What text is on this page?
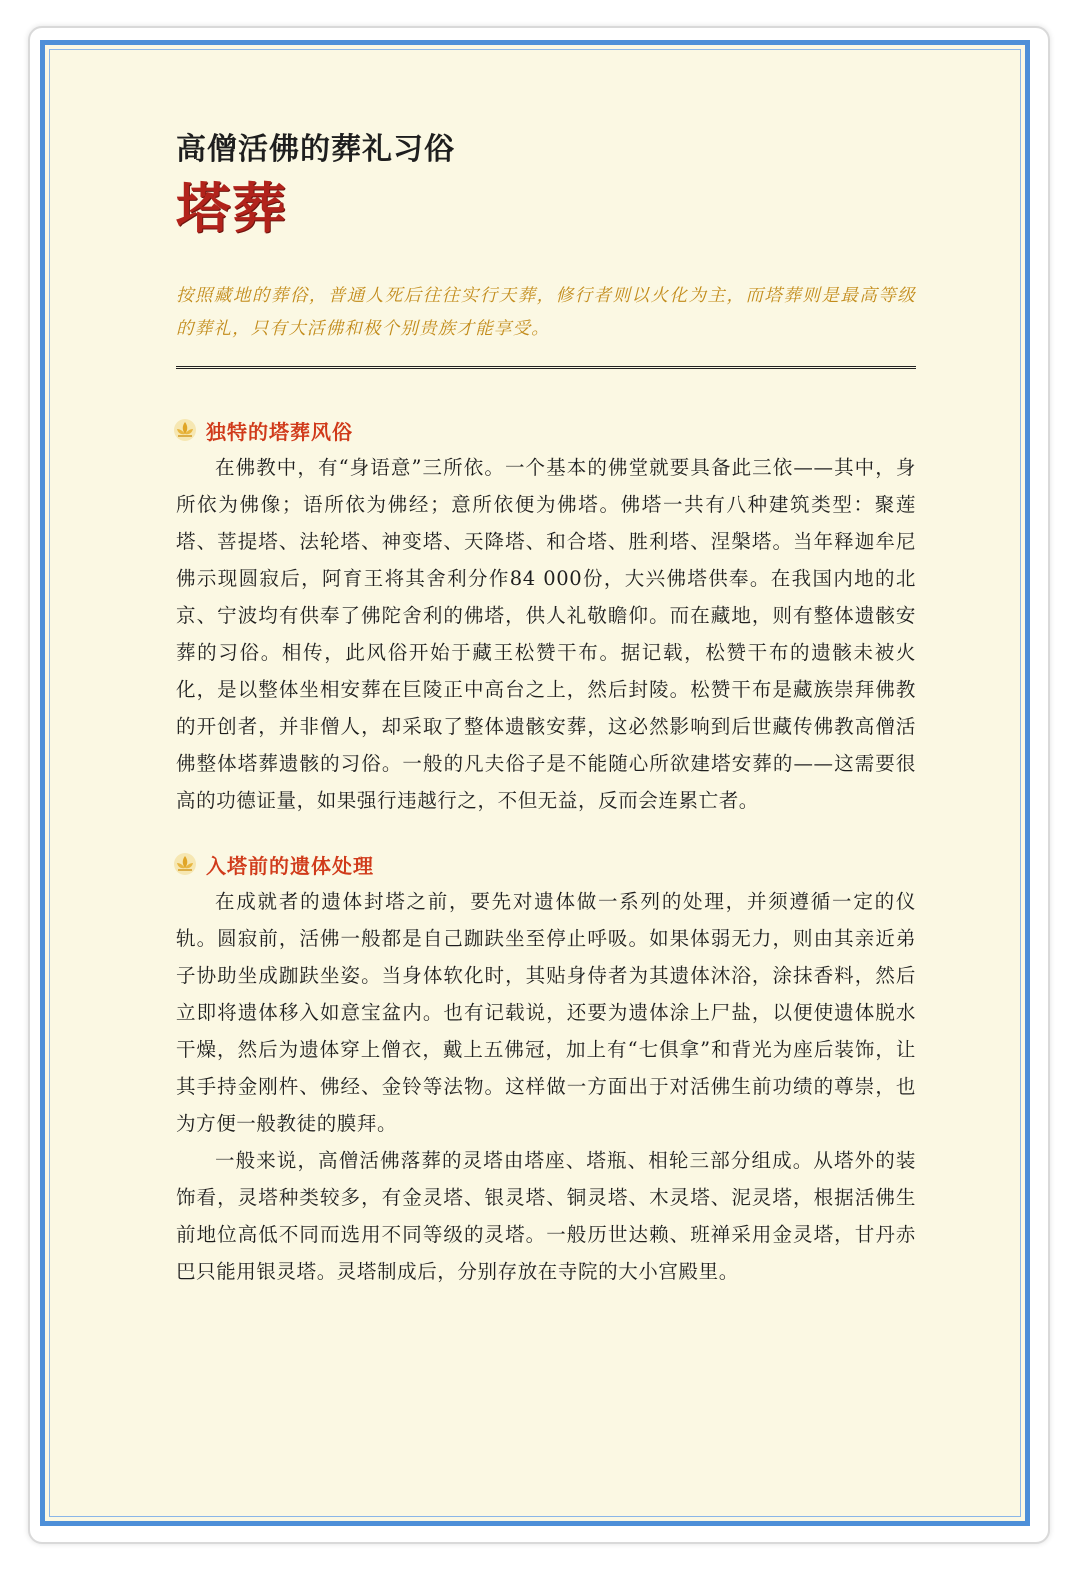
高僧活佛的葬礼习俗
塔葬

按照藏地的葬俗，普通人死后往往实行天葬，修行者则以火化为主，而塔葬则是最高等级的葬礼，只有大活佛和极个别贵族才能享受。

独特的塔葬风俗

在佛教中，有“身语意”三所依。一个基本的佛堂就要具备此三依——其中，身所依为佛像；语所依为佛经；意所依便为佛塔。佛塔一共有八种建筑类型：聚莲塔、菩提塔、法轮塔、神变塔、天降塔、和合塔、胜利塔、涅槃塔。当年释迦牟尼佛示现圆寂后，阿育王将其舍利分作84 000份，大兴佛塔供奉。在我国内地的北京、宁波均有供奉了佛陀舍利的佛塔，供人礼敬瞻仰。而在藏地，则有整体遗骸安葬的习俗。相传，此风俗开始于藏王松赞干布。据记载，松赞干布的遗骸未被火化，是以整体坐相安葬在巨陵正中高台之上，然后封陵。松赞干布是藏族崇拜佛教的开创者，并非僧人，却采取了整体遗骸安葬，这必然影响到后世藏传佛教高僧活佛整体塔葬遗骸的习俗。一般的凡夫俗子是不能随心所欲建塔安葬的——这需要很高的功德证量，如果强行违越行之，不但无益，反而会连累亡者。

入塔前的遗体处理

在成就者的遗体封塔之前，要先对遗体做一系列的处理，并须遵循一定的仪轨。圆寂前，活佛一般都是自己跏趺坐至停止呼吸。如果体弱无力，则由其亲近弟子协助坐成跏趺坐姿。当身体软化时，其贴身侍者为其遗体沐浴，涂抹香料，然后立即将遗体移入如意宝盆内。也有记载说，还要为遗体涂上尸盐，以便使遗体脱水干燥，然后为遗体穿上僧衣，戴上五佛冠，加上有“七俱拿”和背光为座后装饰，让其手持金刚杵、佛经、金铃等法物。这样做一方面出于对活佛生前功绩的尊崇，也为方便一般教徒的膜拜。

一般来说，高僧活佛落葬的灵塔由塔座、塔瓶、相轮三部分组成。从塔外的装饰看，灵塔种类较多，有金灵塔、银灵塔、铜灵塔、木灵塔、泥灵塔，根据活佛生前地位高低不同而选用不同等级的灵塔。一般历世达赖、班禅采用金灵塔，甘丹赤巴只能用银灵塔。灵塔制成后，分别存放在寺院的大小宫殿里。
